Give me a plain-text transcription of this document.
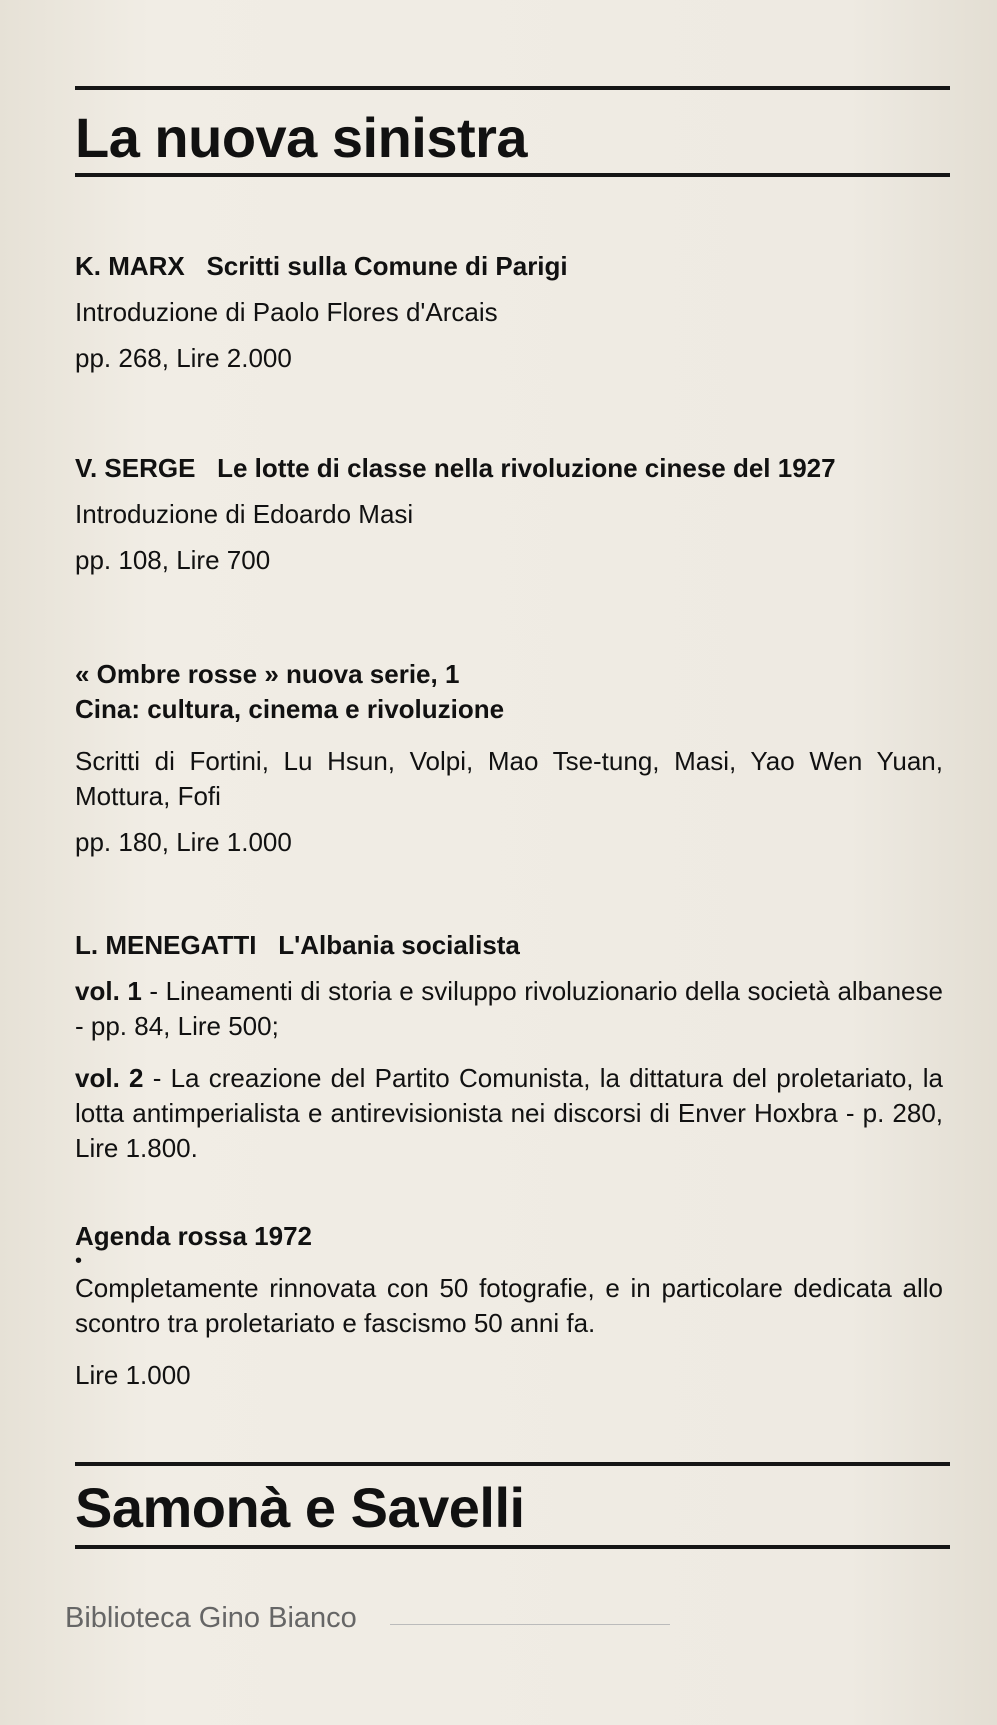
La nuova sinistra

K. MARX Scritti sulla Comune di Parigi

Introduzione di Paolo Flores d'Arcais

pp. 268, Lire 2.000

V. SERGE Le lotte di classe nella rivoluzione cinese del 1927

Introduzione di Edoardo Masi

pp. 108, Lire 700

« Ombre rosse » nuova serie, 1

Cina: cultura, cinema e rivoluzione

Scritti di Fortini, Lu Hsun, Volpi, Mao Tse-tung, Masi, Yao Wen Yuan, Mottura, Fofi

pp. 180, Lire 1.000

L. MENEGATTI L'Albania socialista

vol. 1 - Lineamenti di storia e sviluppo rivoluzionario della società albanese - pp. 84, Lire 500;

vol. 2 - La creazione del Partito Comunista, la dittatura del proletariato, la lotta antimperialista e antirevisionista nei discorsi di Enver Hoxbra - p. 280, Lire 1.800.

Agenda rossa 1972

•

Completamente rinnovata con 50 fotografie, e in particolare dedicata allo scontro tra proletariato e fascismo 50 anni fa.

Lire 1.000

Samonà e Savelli
Biblioteca Gino Bianco
